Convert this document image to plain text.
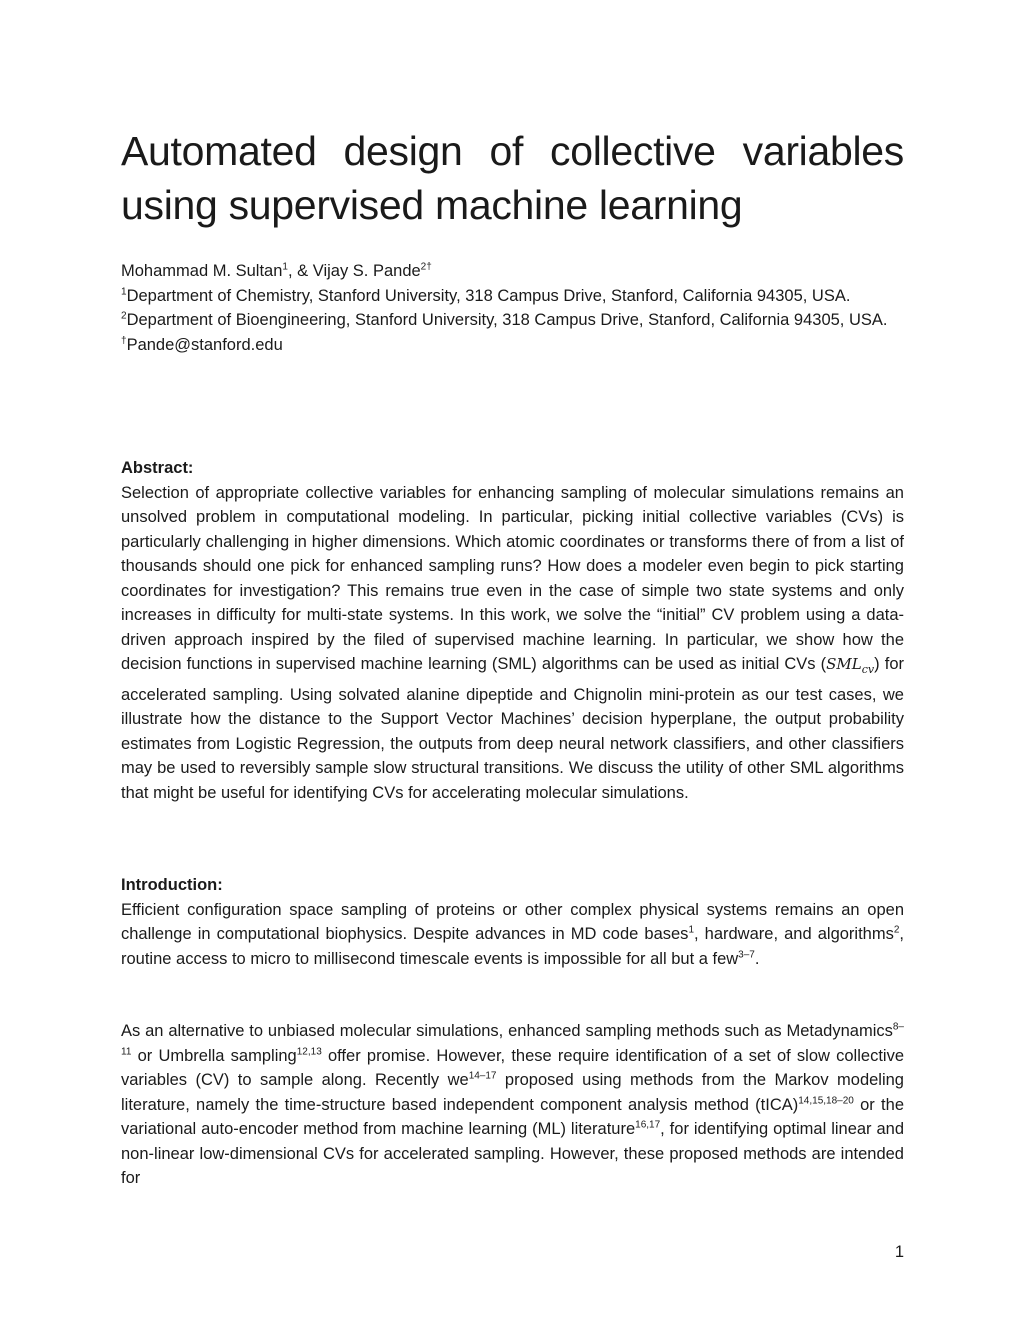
Automated design of collective variables
using supervised machine learning

Mohammad M. Sultan$^1$, & Vijay S. Pande$^{2\dagger}$

$^1$Department of Chemistry, Stanford University, 318 Campus Drive, Stanford, California 94305, USA.

$^2$Department of Bioengineering, Stanford University, 318 Campus Drive, Stanford, California 94305, USA.

†Pande@stanford.edu

Abstract:

Selection of appropriate collective variables for enhancing sampling of molecular simulations remains an unsolved problem in computational modeling. In particular, picking initial collective variables (CVs) is particularly challenging in higher dimensions. Which atomic coordinates or transforms there of from a list of thousands should one pick for enhanced sampling runs? How does a modeler even begin to pick starting coordinates for investigation? This remains true even in the case of simple two state systems and only increases in difficulty for multi-state systems. In this work, we solve the “initial” CV problem using a data-driven approach inspired by the filed of supervised machine learning. In particular, we show how the decision functions in supervised machine learning (SML) algorithms can be used as initial CVs $(SML_{cv})$ for accelerated sampling. Using solvated alanine dipeptide and Chignolin mini-protein as our test cases, we illustrate how the distance to the Support Vector Machines’ decision hyperplane, the output probability estimates from Logistic Regression, the outputs from deep neural network classifiers, and other classifiers may be used to reversibly sample slow structural transitions. We discuss the utility of other SML algorithms that might be useful for identifying CVs for accelerating molecular simulations.

Introduction:

Efficient configuration space sampling of proteins or other complex physical systems remains an open challenge in computational biophysics. Despite advances in MD code bases$^1$, hardware, and algorithms$^2$, routine access to micro to millisecond timescale events is impossible for all but a few$^{3-7}$.

As an alternative to unbiased molecular simulations, enhanced sampling methods such as Metadynamics$^{8-11}$ or Umbrella sampling$^{12,13}$ offer promise. However, these require identification of a set of slow collective variables (CV) to sample along. Recently $we^{14-17}$ proposed using methods from the Markov modeling literature, namely the time-structure based independent component analysis method (tICA)$^{14,15,18-20}$ or the variational auto-encoder method from machine learning (ML) literature$^{16,17}$, for identifying optimal linear and non-linear low-dimensional CVs for accelerated sampling. However, these proposed methods are intended for

1
